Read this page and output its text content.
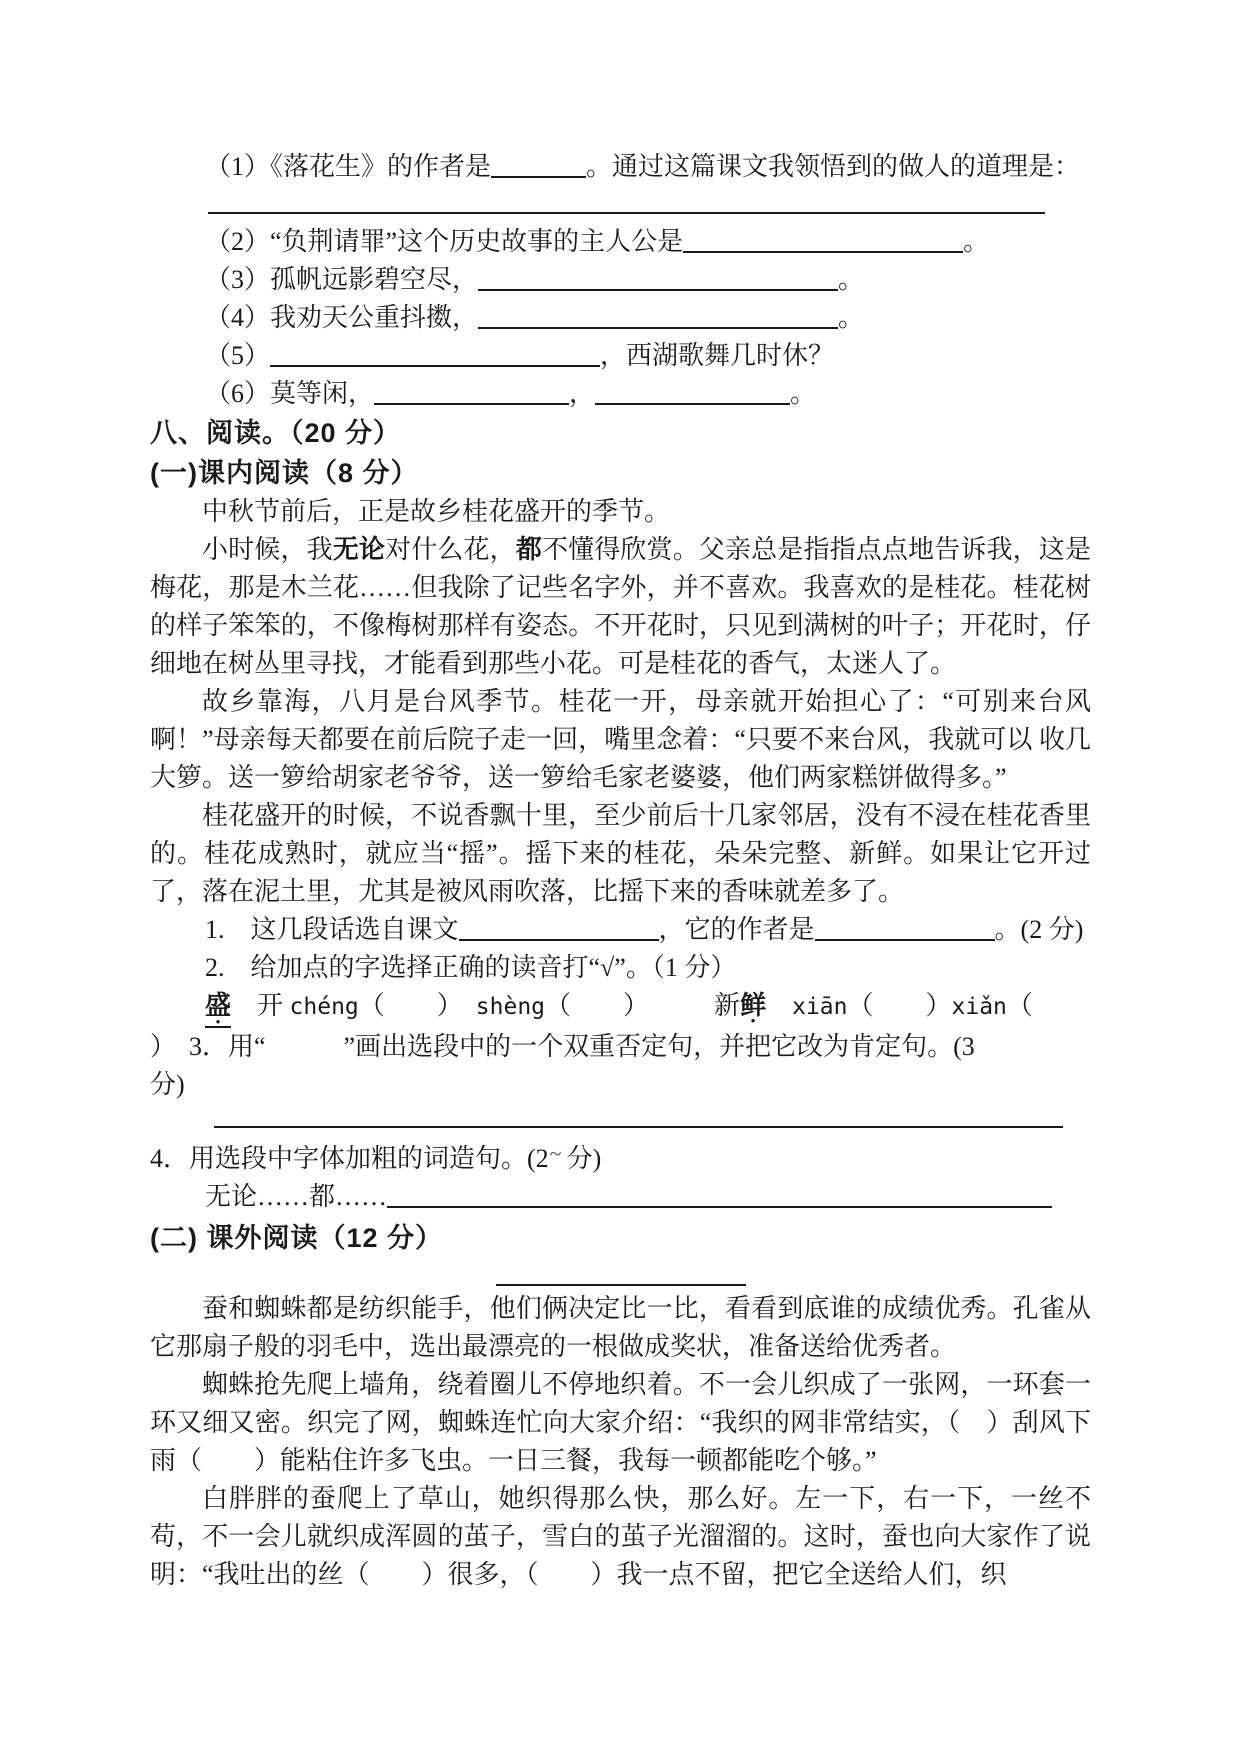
（1）《落花生》的作者是	。通过这篇课文我领悟到的做人的道理是：
（2）“负荆请罪”这个历史故事的主人公是	。
（3）孤帆远影碧空尽，	。
（4）我劝天公重抖擞，	。
（5）	，西湖歌舞几时休？
（6）莫等闲，	，	。
八、阅读。（20 分）
(一)课内阅读（8 分）
中秋节前后，正是故乡桂花盛开的季节。
小时候，我无论对什么花，都不懂得欣赏。父亲总是指指点点地告诉我，这是梅花，那是木兰花……但我除了记些名字外，并不喜欢。我喜欢的是桂花。桂花树的样子笨笨的，不像梅树那样有姿态。不开花时，只见到满树的叶子；开花时，仔细地在树丛里寻找，才能看到那些小花。可是桂花的香气，太迷人了。
故乡靠海，八月是台风季节。桂花一开，母亲就开始担心了：“可别来台风啊！”母亲每天都要在前后院子走一回，嘴里念着：“只要不来台风，我就可以 收几大箩。送一箩给胡家老爷爷，送一箩给毛家老婆婆，他们两家糕饼做得多。”
桂花盛开的时候，不说香飘十里，至少前后十几家邻居，没有不浸在桂花香里的。桂花成熟时，就应当“摇”。摇下来的桂花，朵朵完整、新鲜。如果让它开过了，落在泥土里，尤其是被风雨吹落，比摇下来的香味就差多了。
1.　这几段话选自课文	，它的作者是	。(2 分)
2.　给加点的字选择正确的读音打“√”。（1 分）
盛　开 chéng（　　）　shèng（　　）　　　新鲜　 xiān（　　）xiǎn（
）　3．用“　　　”画出选段中的一个双重否定句，并把它改为肯定句。(3
分)
4．用选段中字体加粗的词造句。(2 ~ 分)
无论……都……
(二) 课外阅读（12 分）
蚕和蜘蛛都是纺织能手，他们俩决定比一比，看看到底谁的成绩优秀。孔雀从它那扇子般的羽毛中，选出最漂亮的一根做成奖状，准备送给优秀者。
蜘蛛抢先爬上墙角，绕着圈儿不停地织着。不一会儿织成了一张网，一环套一环又细又密。织完了网，蜘蛛连忙向大家介绍：“我织的网非常结实，（　）刮风下雨（　　）能粘住许多飞虫。一日三餐，我每一顿都能吃个够。”
白胖胖的蚕爬上了草山，她织得那么快，那么好。左一下，右一下，一丝不苟，不一会儿就织成浑圆的茧子，雪白的茧子光溜溜的。这时，蚕也向大家作了说明：“我吐出的丝（　　）很多，（　　）我一点不留，把它全送给人们，织
